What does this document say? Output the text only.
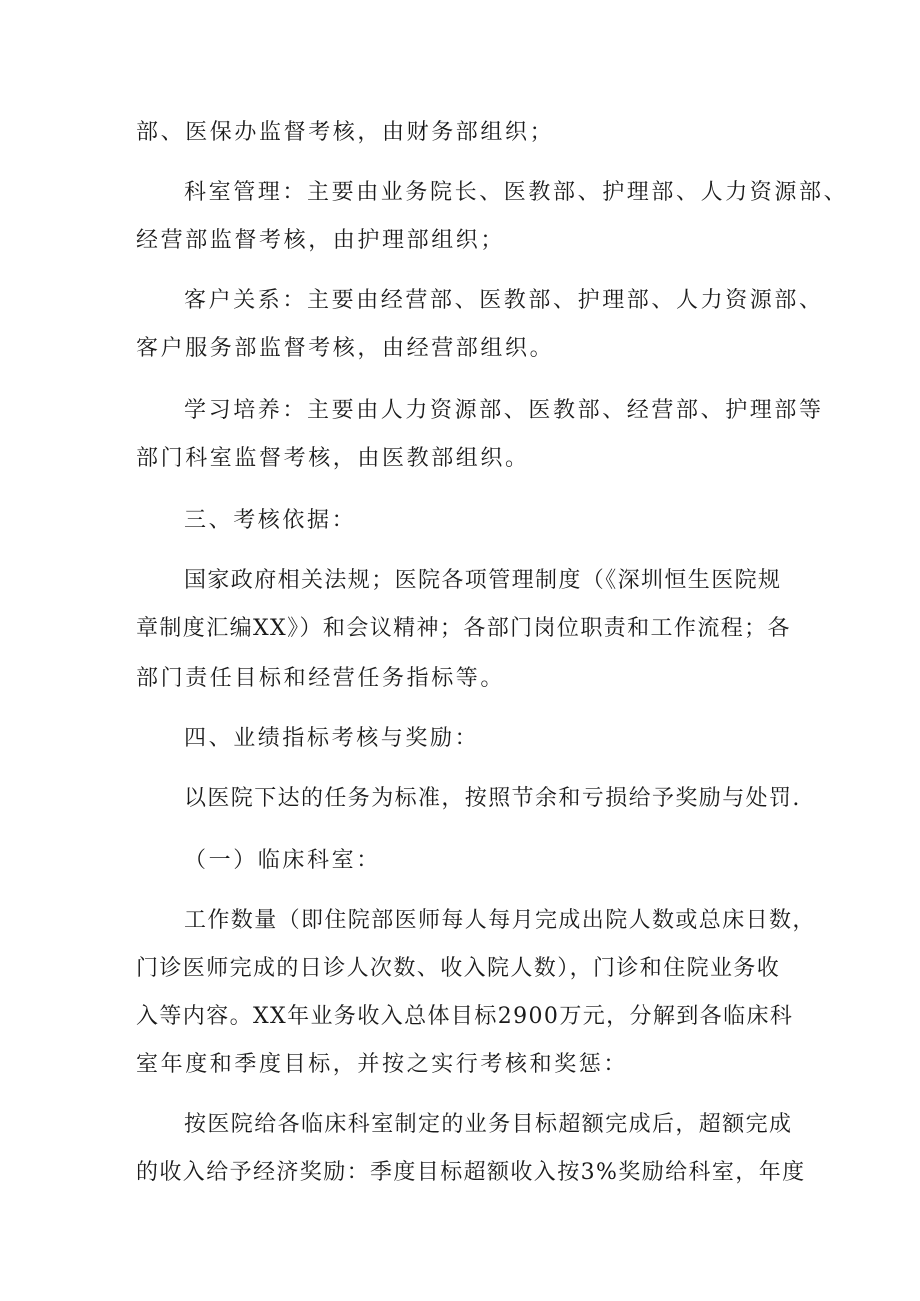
部、医保办监督考核，由财务部组织；
科室管理：主要由业务院长、医教部、护理部、人力资源部、
经营部监督考核，由护理部组织；
客户关系：主要由经营部、医教部、护理部、人力资源部、
客户服务部监督考核，由经营部组织。
学习培养：主要由人力资源部、医教部、经营部、护理部等
部门科室监督考核，由医教部组织。
三、考核依据：
国家政府相关法规；医院各项管理制度（《深圳恒生医院规
章制度汇编XX》）和会议精神；各部门岗位职责和工作流程；各
部门责任目标和经营任务指标等。
四、业绩指标考核与奖励：
以医院下达的任务为标准，按照节余和亏损给予奖励与处罚.
（一）临床科室：
工作数量（即住院部医师每人每月完成出院人数或总床日数，
门诊医师完成的日诊人次数、收入院人数），门诊和住院业务收
入等内容。XX年业务收入总体目标2900万元，分解到各临床科
室年度和季度目标，并按之实行考核和奖惩：
按医院给各临床科室制定的业务目标超额完成后，超额完成
的收入给予经济奖励：季度目标超额收入按3%奖励给科室，年度
